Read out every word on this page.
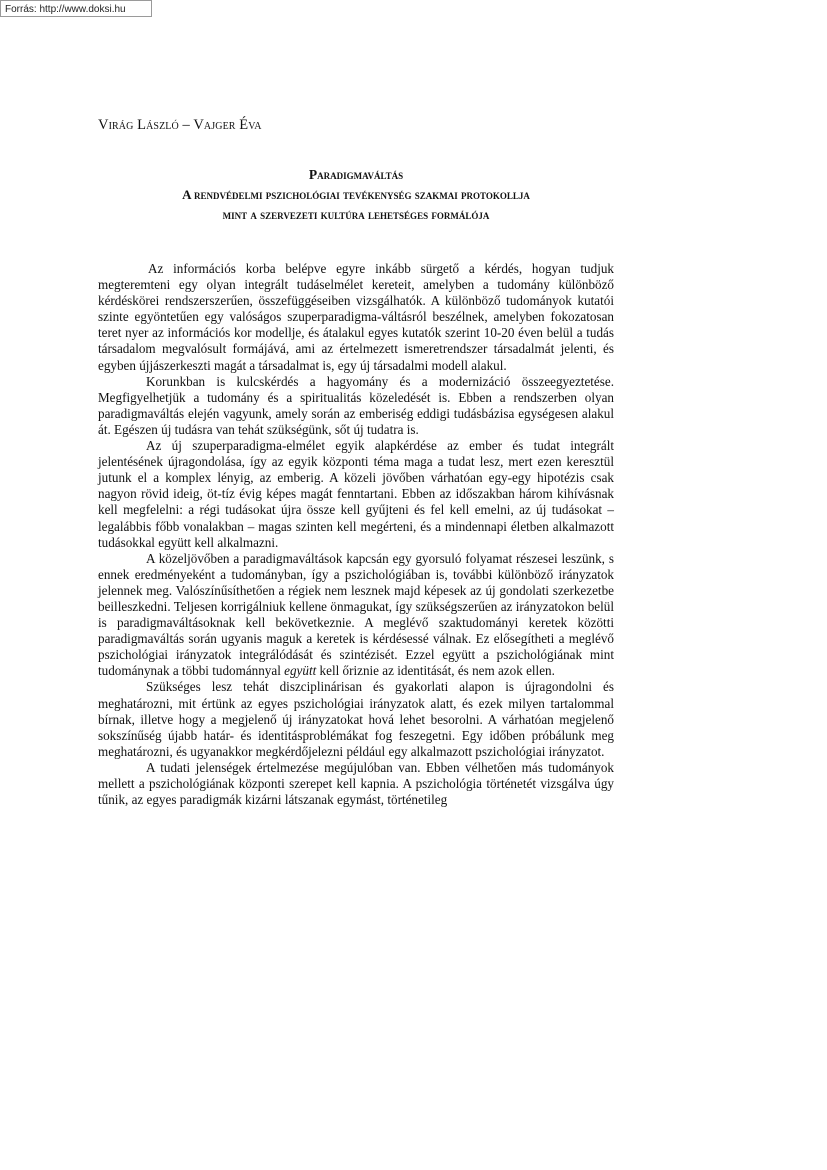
Forrás: http://www.doksi.hu
Virág László – Vajger Éva
Paradigmaváltás
A rendvédelmi pszichológiai tevékenység szakmai protokollja
mint a szervezeti kultúra lehetséges formálója

Az információs korba belépve egyre inkább sürgető a kérdés, hogyan tudjuk megteremteni egy olyan integrált tudáselmélet kereteit, amelyben a tudomány különböző kérdéskörei rendszerszerűen, összefüggéseiben vizsgálhatók. A különböző tudományok kutatói szinte egyöntetűen egy valóságos szuperparadigma-váltásról beszélnek, amelyben fokozatosan teret nyer az információs kor modellje, és átalakul egyes kutatók szerint 10-20 éven belül a tudás társadalom megvalósult formájává, ami az értelmezett ismeretrendszer társadalmát jelenti, és egyben újjászerkeszti magát a társadalmat is, egy új társadalmi modell alakul.

Korunkban is kulcskérdés a hagyomány és a modernizáció összeegyeztetése. Megfigyelhetjük a tudomány és a spiritualitás közeledését is. Ebben a rendszerben olyan paradigmaváltás elején vagyunk, amely során az emberiség eddigi tudásbázisa egységesen alakul át. Egészen új tudásra van tehát szükségünk, sőt új tudatra is.

Az új szuperparadigma-elmélet egyik alapkérdése az ember és tudat integrált jelentésének újragondolása, így az egyik központi téma maga a tudat lesz, mert ezen keresztül jutunk el a komplex lényig, az emberig. A közeli jövőben várhatóan egy-egy hipotézis csak nagyon rövid ideig, öt-tíz évig képes magát fenntartani. Ebben az időszakban három kihívásnak kell megfelelni: a régi tudásokat újra össze kell gyűjteni és fel kell emelni, az új tudásokat – legalábbis főbb vonalakban – magas szinten kell megérteni, és a mindennapi életben alkalmazott tudásokkal együtt kell alkalmazni.

A közeljövőben a paradigmaváltások kapcsán egy gyorsuló folyamat részesei leszünk, s ennek eredményeként a tudományban, így a pszichológiában is, további különböző irányzatok jelennek meg. Valószínűsíthetően a régiek nem lesznek majd képesek az új gondolati szerkezetbe beilleszkedni. Teljesen korrigálniuk kellene önmagukat, így szükségszerűen az irányzatokon belül is paradigmaváltásoknak kell bekövetkeznie. A meglévő szaktudományi keretek közötti paradigmaváltás során ugyanis maguk a keretek is kérdésessé válnak. Ez elősegítheti a meglévő pszichológiai irányzatok integrálódását és szintézisét. Ezzel együtt a pszichológiának mint tudománynak a többi tudománnyal együtt kell őriznie az identitását, és nem azok ellen.

Szükséges lesz tehát diszciplinárisan és gyakorlati alapon is újragondolni és meghatározni, mit értünk az egyes pszichológiai irányzatok alatt, és ezek milyen tartalommal bírnak, illetve hogy a megjelenő új irányzatokat hová lehet besorolni. A várhatóan megjelenő sokszínűség újabb határ- és identitásproblémákat fog feszegetni. Egy időben próbálunk meg meghatározni, és ugyanakkor megkérdőjelezni például egy alkalmazott pszichológiai irányzatot.

A tudati jelenségek értelmezése megújulóban van. Ebben vélhetően más tudományok mellett a pszichológiának központi szerepet kell kapnia. A pszichológia történetét vizsgálva úgy tűnik, az egyes paradigmák kizárni látszanak egymást, történetileg
